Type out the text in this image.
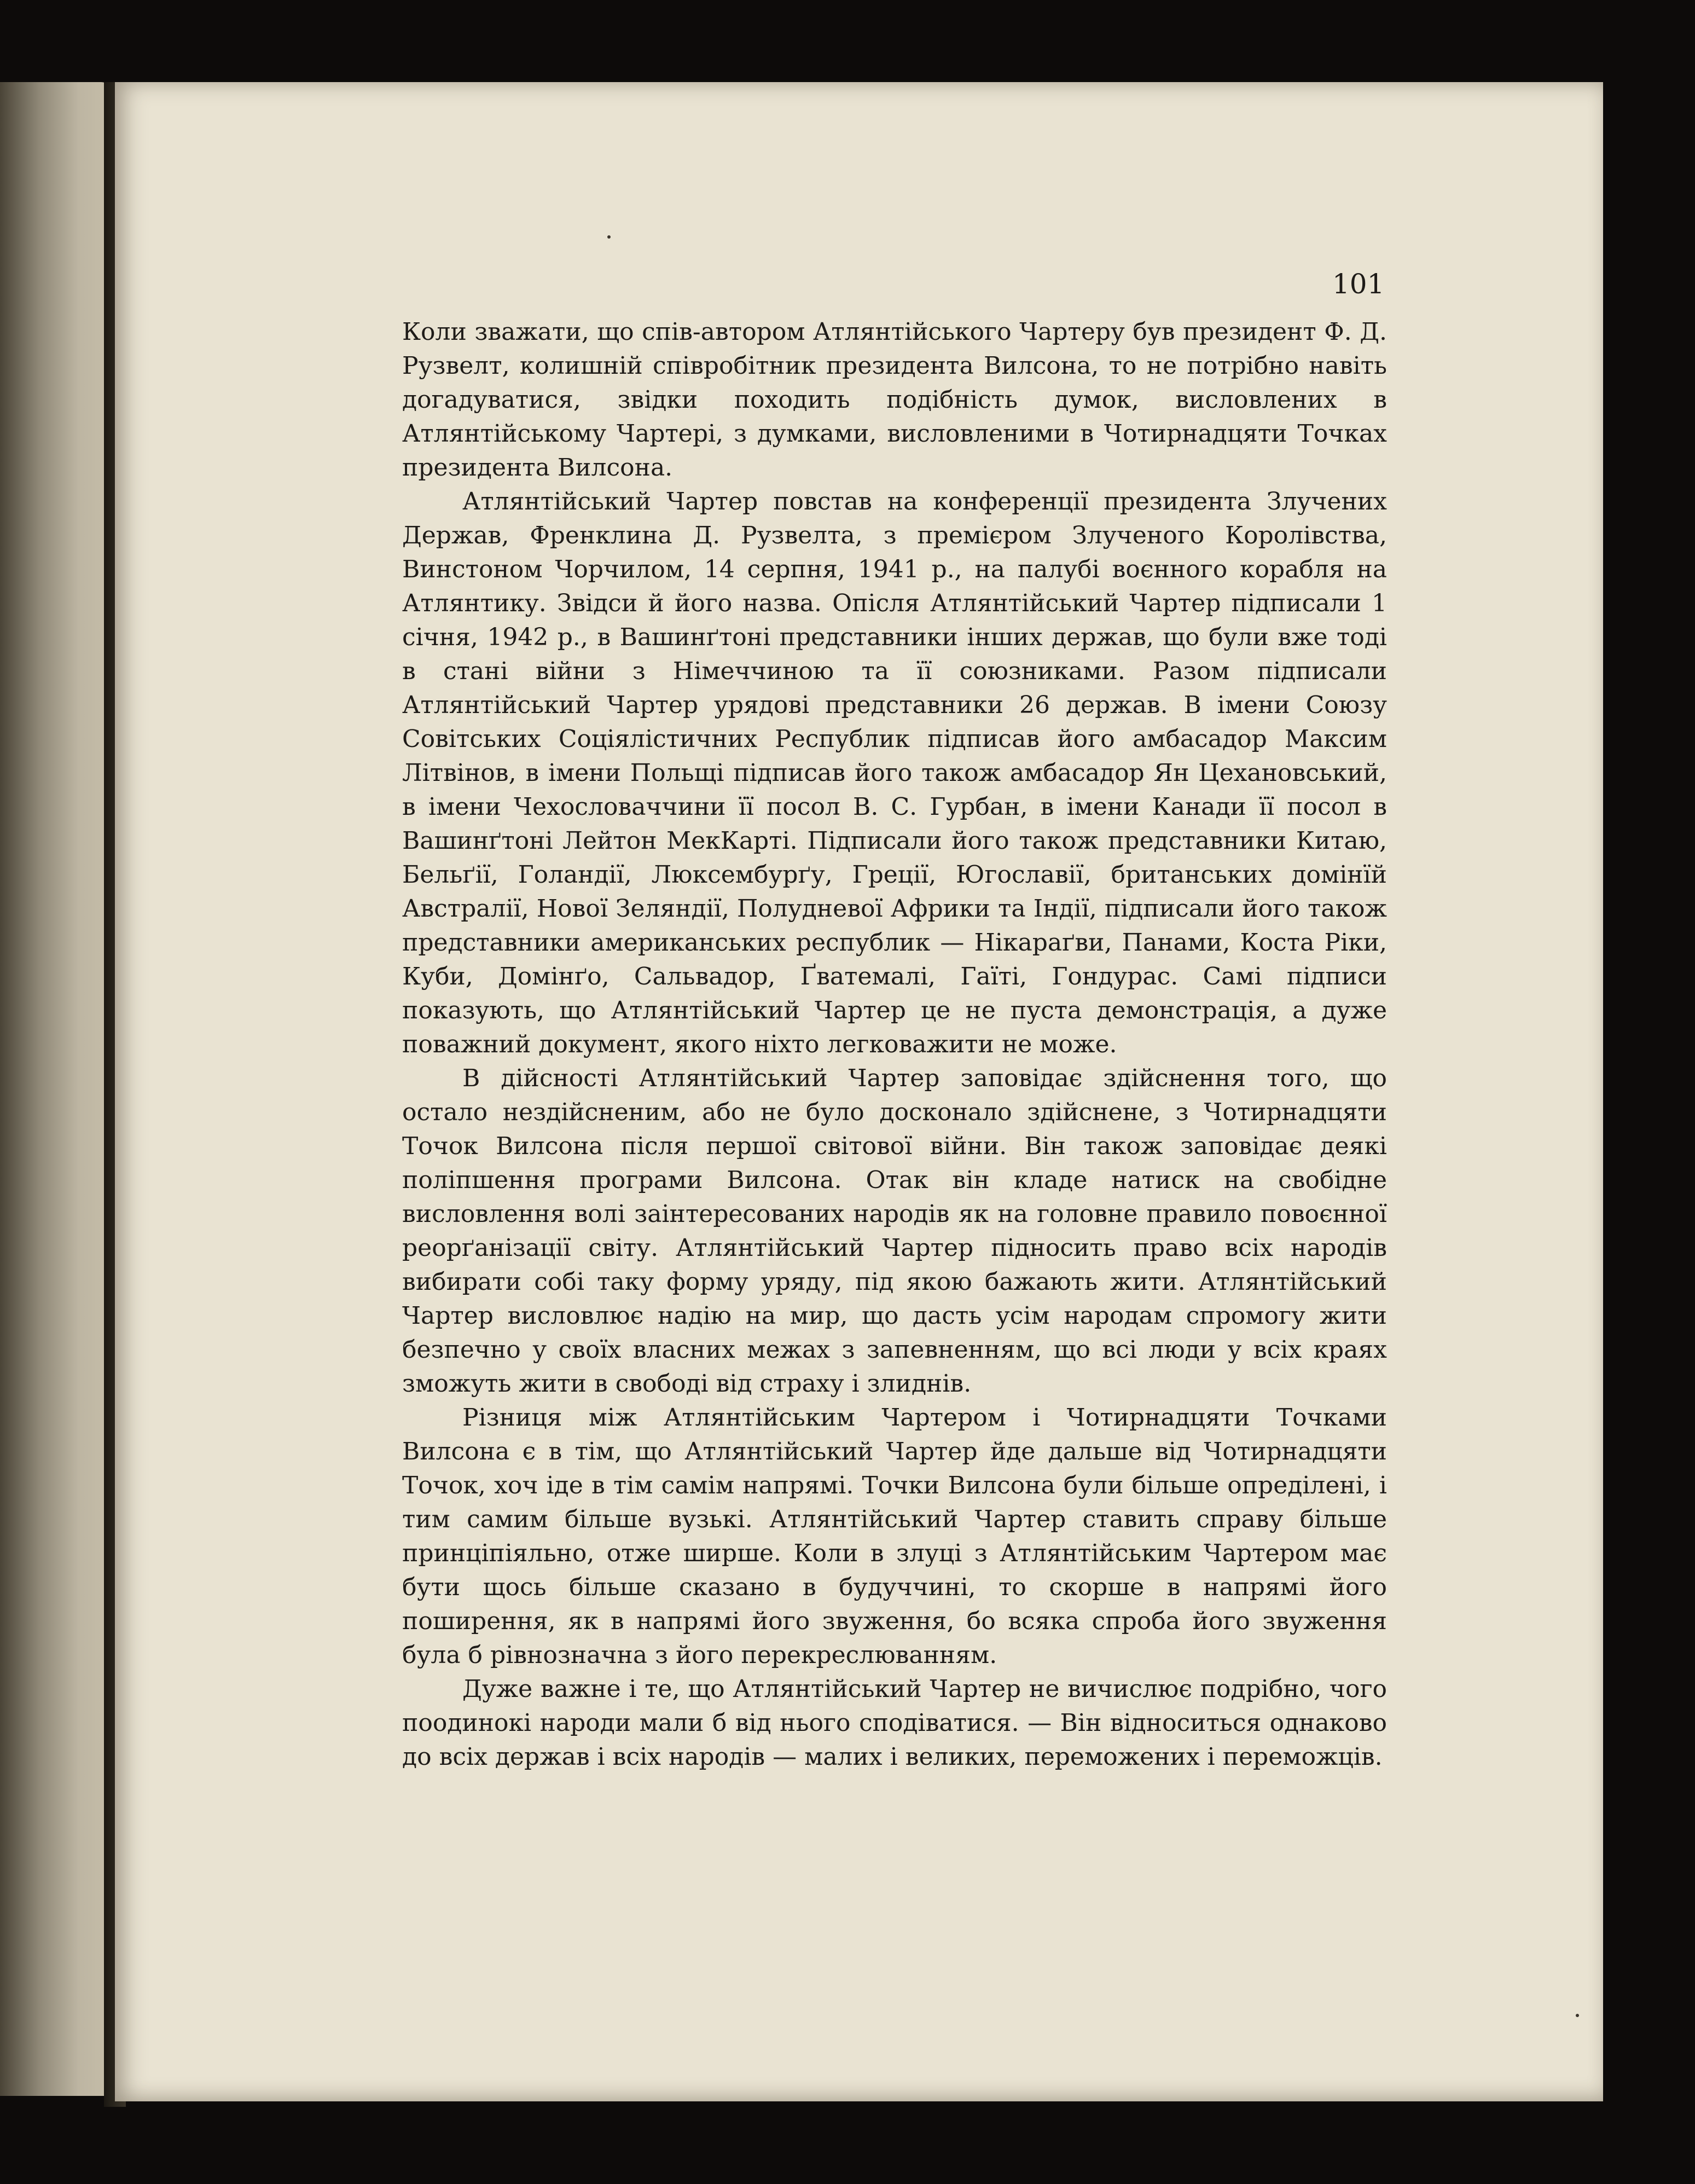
101

Коли зважати, що спів-автором Атлянтійського Чартеру був президент Ф. Д. Рузвелт, колишній співробітник президента Вилсона, то не потрібно навіть догадуватися, звідки походить подібність думок, висловлених в Атлянтійському Чартері, з думками, висловленими в Чотирнадцяти Точках президента Вилсона.

Атлянтійський Чартер повстав на конференції президента Злучених Держав, Френклина Д. Рузвелта, з премієром Злученого Королівства, Винстоном Чорчилом, 14 серпня, 1941 р., на палубі воєнного корабля на Атлянтику. Звідси й його назва. Опісля Атлянтійський Чартер підписали 1 січня, 1942 р., в Вашинґтоні представники інших держав, що були вже тоді в стані війни з Німеччиною та її союзниками. Разом підписали Атлянтійський Чартер урядові представники 26 держав. В імени Союзу Совітських Соціялістичних Республик підписав його амбасадор Максим Літвінов, в імени Польщі підписав його також амбасадор Ян Цехановський, в імени Чехословаччини її посол В. С. Гурбан, в імени Канади її посол в Вашинґтоні Лейтон МекКарті. Підписали його також представники Китаю, Бельґії, Голандії, Люксембурґу, Греції, Югославії, британських домінїй Австралії, Нової Зеляндії, Полудневої Африки та Індії, підписали його також представники американських республик — Нікараґви, Панами, Коста Ріки, Куби, Домінґо, Сальвадор, Ґватемалі, Гаїті, Гондурас. Самі підписи показують, що Атлянтійський Чартер це не пуста демонстрація, а дуже поважний документ, якого ніхто легковажити не може.

В дійсності Атлянтійський Чартер заповідає здійснення того, що остало нездійсненим, або не було досконало здійснене, з Чотирнадцяти Точок Вилсона після першої світової війни. Він також заповідає деякі поліпшення програми Вилсона. Отак він кладе натиск на свобідне висловлення волі заінтересованих народів як на головне правило повоєнної реорґанізації світу. Атлянтійський Чартер підносить право всіх народів вибирати собі таку форму уряду, під якою бажають жити. Атлянтійський Чартер висловлює надію на мир, що дасть усім народам спромогу жити безпечно у своїх власних межах з запевненням, що всі люди у всіх краях зможуть жити в свободі від страху і злиднів.

Різниця між Атлянтійським Чартером і Чотирнадцяти Точками Вилсона є в тім, що Атлянтійський Чартер йде дальше від Чотирнадцяти Точок, хоч іде в тім самім напрямі. Точки Вилсона були більше опреділені, і тим самим більше вузькі. Атлянтійський Чартер ставить справу більше принціпіяльно, отже ширше. Коли в злуці з Атлянтійським Чартером має бути щось більше сказано в будуччині, то скорше в напрямі його поширення, як в напрямі його звуження, бо всяка спроба його звуження була б рівнозначна з його перекреслюванням.

Дуже важне і те, що Атлянтійський Чартер не вичислює подрібно, чого поодинокі народи мали б від нього сподіватися. — Він відноситься однаково до всіх держав і всіх народів — малих і великих, переможених і переможців.
